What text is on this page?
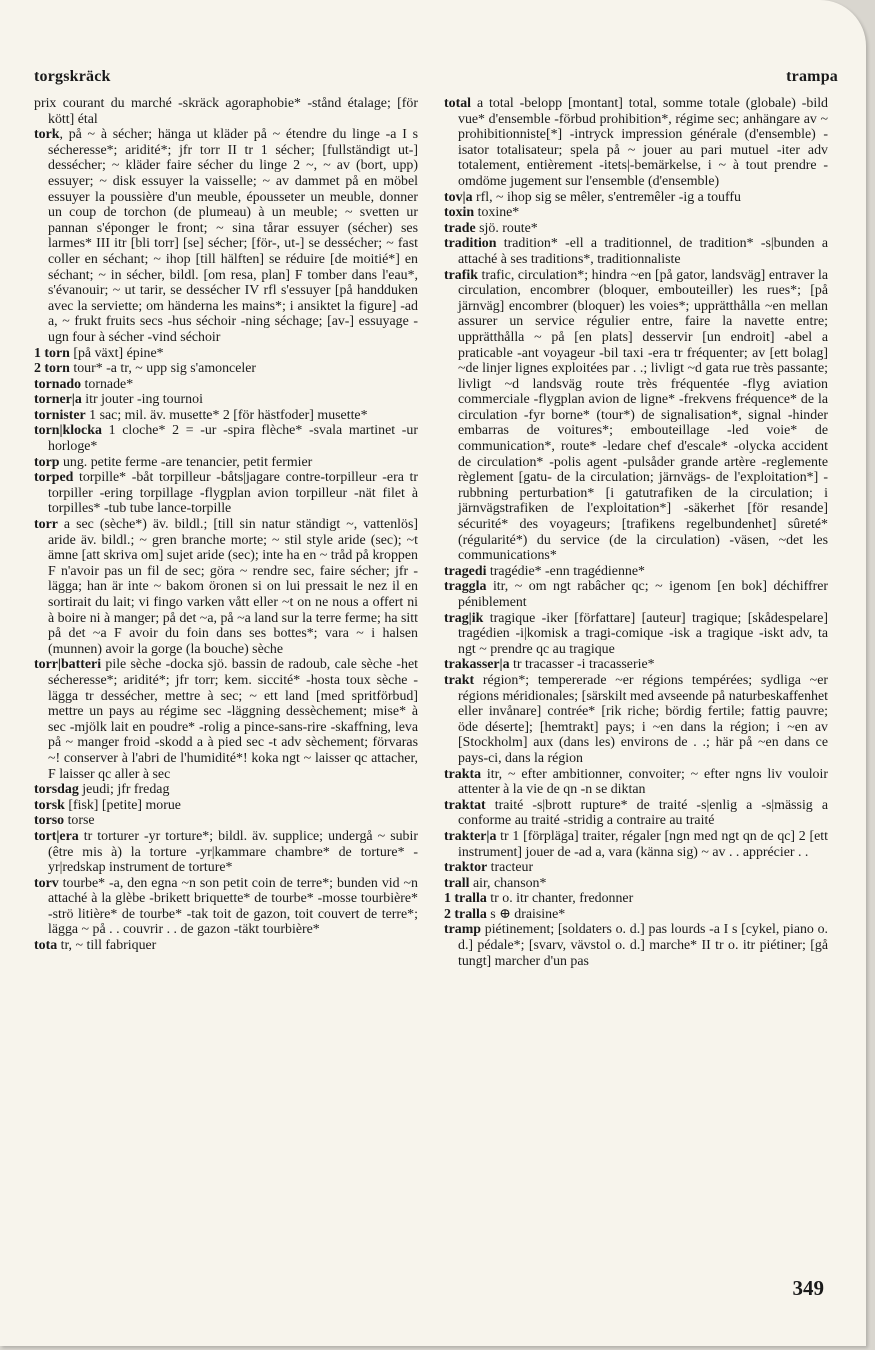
torgskräck	trampa

prix courant du marché -skräck agoraphobie* -stånd étalage; [för kött] étal

tork, på ~ à sécher; hänga ut kläder på ~ étendre du linge -a I s sécheresse*; aridité*; jfr torr II tr 1 sécher; [fullständigt ut-] dessécher; ~ kläder faire sécher du linge 2 ~, ~ av (bort, upp) essuyer; ~ disk essuyer la vaisselle; ~ av dammet på en möbel essuyer la poussière d'un meuble, épousseter un meuble, donner un coup de torchon (de plumeau) à un meuble; ~ svetten ur pannan s'éponger le front; ~ sina tårar essuyer (sécher) ses larmes* III itr [bli torr] [se] sécher; [för-, ut-] se dessécher; ~ fast coller en séchant; ~ ihop [till hälften] se réduire [de moitié*] en séchant; ~ in sécher, bildl. [om resa, plan] F tomber dans l'eau*, s'évanouir; ~ ut tarir, se dessécher IV rfl s'essuyer [på handduken avec la serviette; om händerna les mains*; i ansiktet la figure] -ad a, ~ frukt fruits secs -hus séchoir -ning séchage; [av-] essuyage -ugn four à sécher -vind séchoir

1 torn [på växt] épine*

2 torn tour* -a tr, ~ upp sig s'amonceler

tornado tornade*

torner|a itr jouter -ing tournoi

tornister 1 sac; mil. äv. musette* 2 [för hästfoder] musette*

torn|klocka 1 cloche* 2 = -ur -spira flèche* -svala martinet -ur horloge*

torp ung. petite ferme -are tenancier, petit fermier

torped torpille* -båt torpilleur -båts|jagare contre-torpilleur -era tr torpiller -ering torpillage -flygplan avion torpilleur -nät filet à torpilles* -tub tube lance-torpille

torr a sec (sèche*) äv. bildl.; [till sin natur ständigt ~, vattenlös] aride äv. bildl.; ~ gren branche morte; ~ stil style aride (sec); ~t ämne [att skriva om] sujet aride (sec); inte ha en ~ tråd på kroppen F n'avoir pas un fil de sec; göra ~ rendre sec, faire sécher; jfr -lägga; han är inte ~ bakom öronen si on lui pressait le nez il en sortirait du lait; vi fingo varken vått eller ~t on ne nous a offert ni à boire ni à manger; på det ~a, på ~a land sur la terre ferme; ha sitt på det ~a F avoir du foin dans ses bottes*; vara ~ i halsen (munnen) avoir la gorge (la bouche) sèche

torr|batteri pile sèche -docka sjö. bassin de radoub, cale sèche -het sécheresse*; aridité*; jfr torr; kem. siccité* -hosta toux sèche -lägga tr dessécher, mettre à sec; ~ ett land [med spritförbud] mettre un pays au régime sec -läggning dessèchement; mise* à sec -mjölk lait en poudre* -rolig a pince-sans-rire -skaffning, leva på ~ manger froid -skodd a à pied sec -t adv sèchement; förvaras ~! conserver à l'abri de l'humidité*! koka ngt ~ laisser qc attacher, F laisser qc aller à sec

torsdag jeudi; jfr fredag

torsk [fisk] [petite] morue

torso torse

tort|era tr torturer -yr torture*; bildl. äv. supplice; undergå ~ subir (être mis à) la torture -yr|kammare chambre* de torture* -yr|redskap instrument de torture*

torv tourbe* -a, den egna ~n son petit coin de terre*; bunden vid ~n attaché à la glèbe -brikett briquette* de tourbe* -mosse tourbière* -strö litière* de tourbe* -tak toit de gazon, toit couvert de terre*; lägga ~ på . . couvrir . . de gazon -täkt tourbière*

tota tr, ~ till fabriquer

total a total -belopp [montant] total, somme totale (globale) -bild vue* d'ensemble -förbud prohibition*, régime sec; anhängare av ~ prohibitionniste[*] -intryck impression générale (d'ensemble) -isator totalisateur; spela på ~ jouer au pari mutuel -iter adv totalement, entièrement -itets|-bemärkelse, i ~ à tout prendre -omdöme jugement sur l'ensemble (d'ensemble)

tov|a rfl, ~ ihop sig se mêler, s'entremêler -ig a touffu

toxin toxine*

trade sjö. route*

tradition tradition* -ell a traditionnel, de tradition* -s|bunden a attaché à ses traditions*, traditionnaliste

trafik trafic, circulation*; hindra ~en [på gator, landsväg] entraver la circulation, encombrer (bloquer, embouteiller) les rues*; [på järnväg] encombrer (bloquer) les voies*; upprätthålla ~en mellan assurer un service régulier entre, faire la navette entre; upprätthålla ~ på [en plats] desservir [un endroit] -abel a praticable -ant voyageur -bil taxi -era tr fréquenter; av [ett bolag] ~de linjer lignes exploitées par . .; livligt ~d gata rue très passante; livligt ~d landsväg route très fréquentée -flyg aviation commerciale -flygplan avion de ligne* -frekvens fréquence* de la circulation -fyr borne* (tour*) de signalisation*, signal -hinder embarras de voitures*; embouteillage -led voie* de communication*, route* -ledare chef d'escale* -olycka accident de circulation* -polis agent -pulsåder grande artère -reglemente règlement [gatu- de la circulation; järnvägs- de l'exploitation*] -rubbning perturbation* [i gatutrafiken de la circulation; i järnvägstrafiken de l'exploitation*] -säkerhet [för resande] sécurité* des voyageurs; [trafikens regelbundenhet] sûreté* (régularité*) du service (de la circulation) -väsen, ~det les communications*

tragedi tragédie* -enn tragédienne*

traggla itr, ~ om ngt rabâcher qc; ~ igenom [en bok] déchiffrer péniblement

trag|ik tragique -iker [författare] [auteur] tragique; [skådespelare] tragédien -i|komisk a tragi-comique -isk a tragique -iskt adv, ta ngt ~ prendre qc au tragique

trakasser|a tr tracasser -i tracasserie*

trakt région*; tempererade ~er régions tempérées; sydliga ~er régions méridionales; [särskilt med avseende på naturbeskaffenhet eller invånare] contrée* [rik riche; bördig fertile; fattig pauvre; öde déserte]; [hemtrakt] pays; i ~en dans la région; i ~en av [Stockholm] aux (dans les) environs de . .; här på ~en dans ce pays-ci, dans la région

trakta itr, ~ efter ambitionner, convoiter; ~ efter ngns liv vouloir attenter à la vie de qn -n se diktan

traktat traité -s|brott rupture* de traité -s|enlig a -s|mässig a conforme au traité -stridig a contraire au traité

trakter|a tr 1 [förpläga] traiter, régaler [ngn med ngt qn de qc] 2 [ett instrument] jouer de -ad a, vara (känna sig) ~ av . . apprécier . .

traktor tracteur

trall air, chanson*

1 tralla tr o. itr chanter, fredonner

2 tralla s ⊕ draisine*

tramp piétinement; [soldaters o. d.] pas lourds -a I s [cykel, piano o. d.] pédale*; [svarv, vävstol o. d.] marche* II tr o. itr piétiner; [gå tungt] marcher d'un pas

349
